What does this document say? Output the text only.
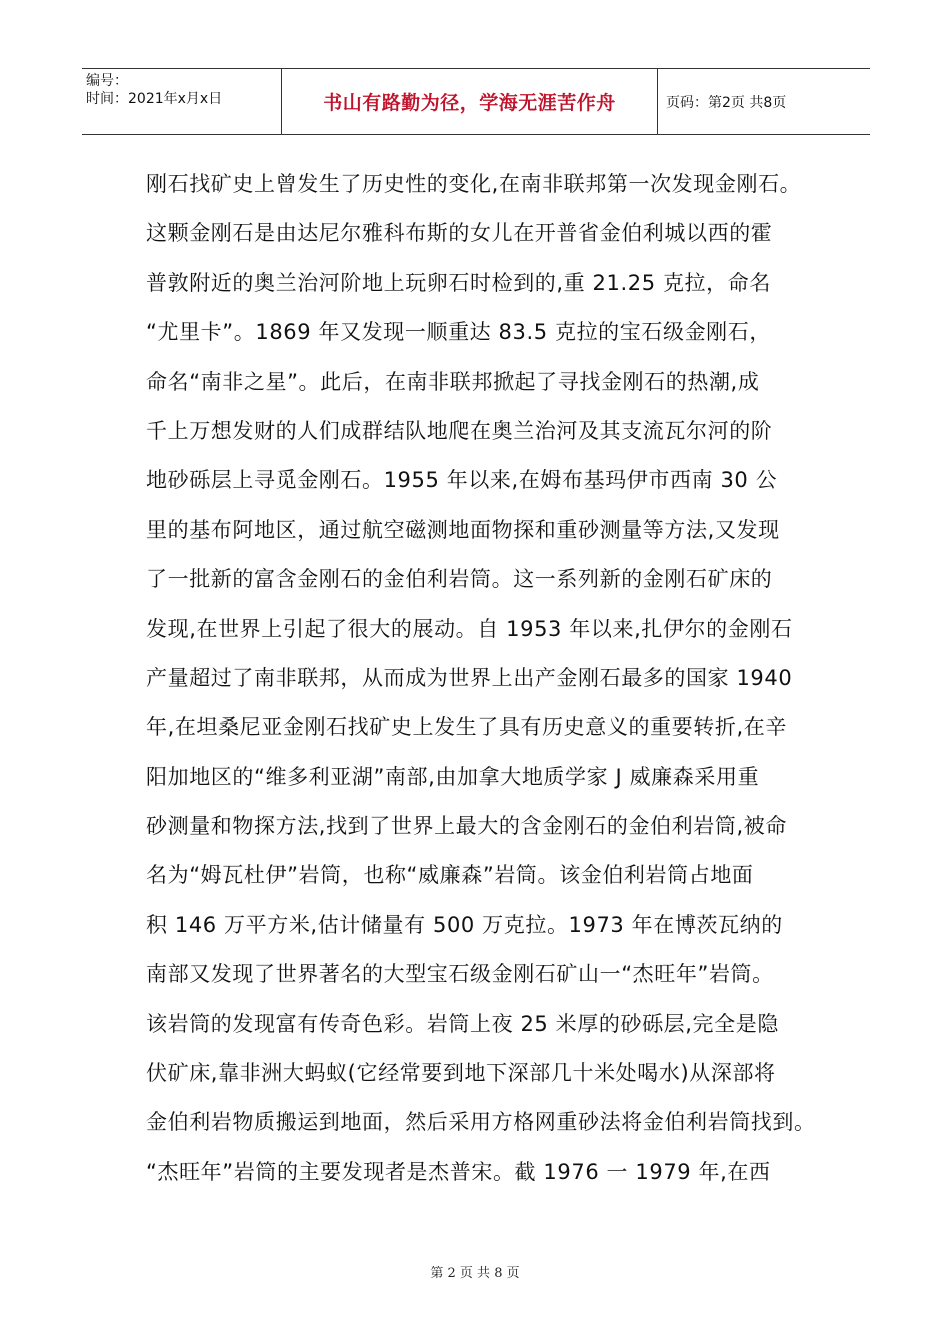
编号：
时间：2021年x月x日	书山有路勤为径，学海无涯苦作舟	页码：第2页 共8页
刚石找矿史上曾发生了历史性的变化,在南非联邦第一次发现金刚石。
这颗金刚石是由达尼尔雅科布斯的女儿在开普省金伯利城以西的霍
普敦附近的奥兰治河阶地上玩卵石时检到的,重 21.25 克拉，命名
“尤里卡”。1869 年又发现一顺重达 83.5 克拉的宝石级金刚石，
命名“南非之星”。此后，在南非联邦掀起了寻找金刚石的热潮,成
千上万想发财的人们成群结队地爬在奥兰治河及其支流瓦尔河的阶
地砂砾层上寻觅金刚石。1955 年以来,在姆布基玛伊市西南 30 公
里的基布阿地区，通过航空磁测地面物探和重砂测量等方法,又发现
了一批新的富含金刚石的金伯利岩筒。这一系列新的金刚石矿床的
发现,在世界上引起了很大的展动。自 1953 年以来,扎伊尔的金刚石
产量超过了南非联邦，从而成为世界上出产金刚石最多的国家 1940
年,在坦桑尼亚金刚石找矿史上发生了具有历史意义的重要转折,在辛
阳加地区的“维多利亚湖”南部,由加拿大地质学家 J 威廉森采用重
砂测量和物探方法,找到了世界上最大的含金刚石的金伯利岩筒,被命
名为“姆瓦杜伊”岩筒，也称“威廉森”岩筒。该金伯利岩筒占地面
积 146 万平方米,估计储量有 500 万克拉。1973 年在博茨瓦纳的
南部又发现了世界著名的大型宝石级金刚石矿山一“杰旺年”岩筒。
该岩筒的发现富有传奇色彩。岩筒上夜 25 米厚的砂砾层,完全是隐
伏矿床,靠非洲大蚂蚁(它经常要到地下深部几十米处喝水)从深部将
金伯利岩物质搬运到地面，然后采用方格网重砂法将金伯利岩筒找到。
“杰旺年”岩筒的主要发现者是杰普宋。截 1976 一 1979 年,在西
第 2 页 共 8 页
